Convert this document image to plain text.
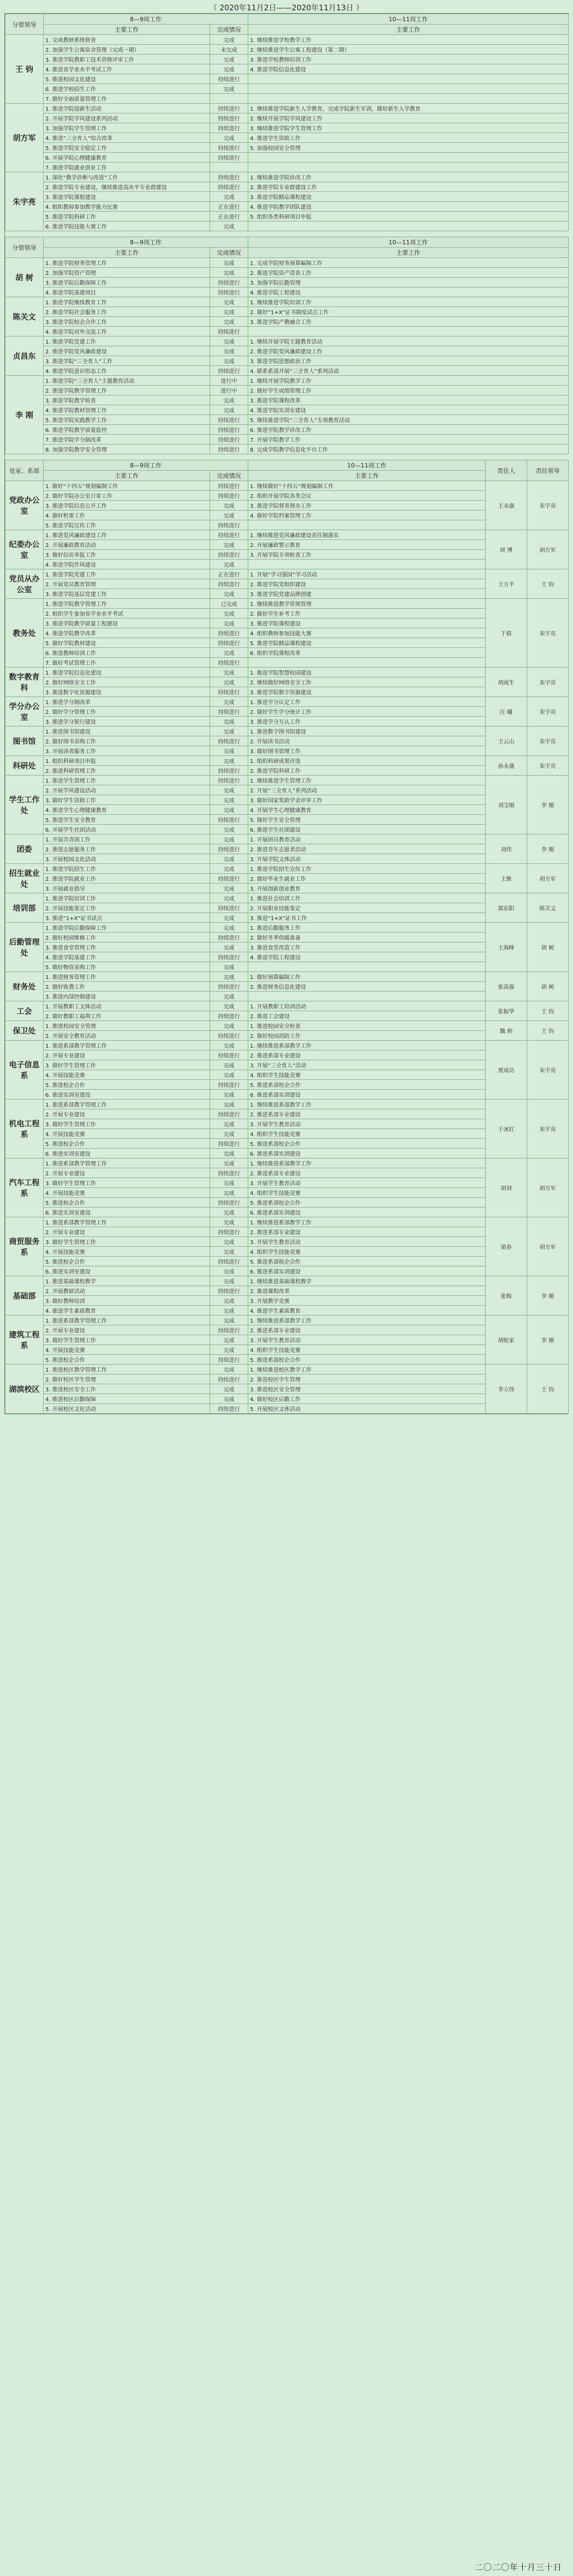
（ 2020年11月2日——2020年11月13日 ）
分管领导	8—9周工作		10—11周工作		
	主要工作	完成情况	主要工作		
王 钧	1. 完成教研系统督查	完成	1. 继续推进学校教学工作		
	2. 加强学生公寓宿舍管理（完成一期）	未完成	2. 继续推进学生公寓工程建设（第二期）		
	3. 推进学院教职工技术资格评审工作	完成	3. 推进学校教师培训工作		
	4. 推进省学业水平考试工作	完成	4. 推进学院信息化建设		
	5. 推进校园文化建设	持续进行			
	6. 推进学校招生工作	完成			
	7. 做好全面质量管理工作				
胡方军	1. 推进学院迎新生活动	持续进行	1. 继续推进学院新生入学教育，完成学院新生军训，做好新生入学教育		
	2. 开展学院学风建设系列活动	持续进行	2. 继续开展学院学风建设工作		
	3. 加强学院学生管理工作	持续进行	3. 继续推进学院学生管理工作		
	4. 推进“三全育人”综合改革	完成	4. 推进学生资助工作		
	5. 推进学院安全稳定工作	持续进行	5. 加强校园安全管理		
	6. 开展学院心理健康教育	持续进行			
	7. 推进学院就业创业工作				
朱宇亮	1. 深化“教学诊断与改进”工作	持续进行	1. 继续推进学院诊改工作		
	2. 推进学院专业建设，继续推进高水平专业群建设	持续进行	2. 推进学院专业群建设工作		
	3. 推进学院课程建设	完成	3. 推进学院精品课程建设		
	4. 组织教师参加教学能力比赛	正在进行	4. 推进学院教学团队建设		
	5. 推进学院科研工作	正在进行	5. 组织各类科研项目申报		
	6. 推进学院技能大赛工作	完成			

分管领导	8—9周工作		10—11周工作		
	主要工作	完成情况	主要工作		
胡 树	1. 推进学院财务管理工作	完成	1. 完成学院财务预算编制工作		
	2. 加强学院资产管理	完成	2. 推进学院资产清查工作		
	3. 推进学院后勤保障工作	持续进行	3. 加强学院后勤管理		
	4. 推进学院基建项目	持续进行	4. 推进学院工程建设		
陈关文	1. 推进学院继续教育工作	完成	1. 继续推进学院培训工作		
	2. 推进学院社会服务工作	完成	2. 做好“1+X”证书制度试点工作		
	3. 推进学院校企合作工作	完成	3. 推进学院产教融合工作		
	4. 推进学院对外交流工作	持续进行			
贞昌东	1. 推进学院党建工作	完成	1. 继续开展学院主题教育活动		
	2. 推进学院党风廉政建设	完成	2. 推进学院党风廉政建设工作		
	3. 推进学院“三全育人”工作	完成	3. 推进学院思想政治工作		
	4. 推进学院意识形态工作	持续进行	4. 联系系部开展“三全育人”系列活动		
李 刚	1. 推进学院“三全育人”主题教育活动	进行中	1. 继续开展学院教学工作		
	2. 推进学院教学管理工作	进行中	2. 做好学生成绩管理工作		
	3. 推进学院教学检查	完成	3. 推进学院课程改革		
	4. 推进学院教材管理工作	完成	4. 推进学院实训室建设		
	5. 推进学院实践教学工作	持续进行	5. 继续推进学院“三全育人”专项教育活动		
	6. 推进学院教学质量监控	持续进行	6. 推进学院教学诊改工作		
	7. 推进学院学分制改革	持续进行	7. 开展学院教学工作		
	8. 加强学院教学安全管理	持续进行	8. 完成学院教学信息化平台工作		

处室、系部	8—9周工作		10—11周工作	责任人	责任领导
	主要工作	完成情况	主要工作		
党政办公室	1. 做好“十四五”规划编制工作	持续进行	1. 继续做好“十四五”规划编制工作	王永康	朱宇亮
	2. 做好学院办公室日常工作	持续进行	2. 组织开展学院各类会议		
	3. 推进学院信息公开工作	完成	3. 推进学院督查督办工作		
	4. 做好机要工作	完成	4. 做好学院档案管理工作		
	5. 推进学院宣传工作	持续进行			
纪委办公室	1. 推进党风廉政建设工作	持续进行	1. 继续推进党风廉政建设责任制落实	周 博	胡方军
	2. 开展廉政教育活动	完成	2. 开展廉政警示教育		
	3. 做好信访举报工作	持续进行	3. 开展学院专项检查工作		
	4. 推进学院作风建设	完成			
党员从办公室	1. 推进学院党建工作	正在进行	1. 开展“学习强国”学习活动	王方平	王 钧
	2. 开展党员教育管理	持续进行	2. 推进学院党组织建设		
	3. 推进学院基层党建工作	完成	3. 推进学院党建品牌创建		
教务处	1. 推进学院教学管理工作	已完成	1. 继续推进教学常规管理	于倩	朱宇亮
	2. 组织学生参加省学业水平考试	完成	2. 做好学生补考工作		
	3. 推进学院教学质量工程建设	完成	3. 推进学院课程建设		
	4. 推进学院教学改革	持续进行	4. 组织教师参加技能大赛		
	5. 做好学院教材建设	持续进行	5. 推进学院精品课程建设		
	6. 推进教师培训工作	完成	6. 组织学院课程改革		
	7. 做好考试管理工作	持续进行			
数字教育科	1. 推进学院信息化建设	完成	1. 推进学院智慧校园建设	胡成生	朱宇亮
	2. 做好网络安全工作	完成	2. 继续做好网络安全工作		
	3. 推进数字化资源建设	持续进行	3. 推进学院数字资源建设		
学分办公室	1. 推进学分制改革	完成	1. 推进学分认定工作	汪 曦	朱宇亮
	2. 做好学分管理工作	持续进行	2. 做好学生学分统计工作		
	3. 推进学分银行建设	完成	3. 推进学分互认工作		
图书馆	1. 推进图书馆建设	完成	1. 推进数字图书馆建设	王云山	朱宇亮
	2. 做好图书采购工作	持续进行	2. 开展读书活动		
	3. 开展读者服务工作	完成	3. 做好图书管理工作		
科研处	1. 组织科研项目申报	完成	1. 组织科研成果评选	孙永盛	朱宇亮
	2. 推进科研管理工作	持续进行	2. 推进学院科研工作		
学生工作处	1. 推进学生管理工作	持续进行	1. 继续推进学生管理工作	刘宝刚	李 刚
	2. 开展学风建设活动	完成	2. 开展“三全育人”系列活动		
	3. 做好学生资助工作	完成	3. 做好国家奖助学金评审工作		
	4. 推进学生心理健康教育	完成	4. 开展学生心理健康教育		
	5. 推进学生安全教育	持续进行	5. 做好学生安全管理		
	6. 开展学生社团活动	完成	6. 推进学生社团建设		
团委	1. 开展共青团工作	完成	1. 开展团员教育活动	刘伟	李 刚
	2. 推进志愿服务工作	持续进行	2. 推进青年志愿者活动		
	3. 开展校园文化活动	完成	3. 开展学院文体活动		
招生就业处	1. 推进学院招生工作	完成	1. 推进学院招生宣传工作	王维	胡方军
	2. 推进学院就业工作	持续进行	2. 做好毕业生就业工作		
	3. 开展就业指导	完成	3. 开展创新创业教育		
培训部	1. 推进学院培训工作	完成	1. 推进社会培训工作	郭东阳	陈关文
	2. 开展技能鉴定工作	持续进行	2. 开展职业技能鉴定		
	3. 推进“1+X”证书试点	完成	3. 推进“1+X”证书工作		
后勤管理处	1. 推进学院后勤保障工作	完成	1. 推进后勤服务工作	王海峰	胡 树
	2. 做好校园维修工作	持续进行	2. 做好冬季供暖准备		
	3. 推进食堂管理工作	完成	3. 推进食堂改造工作		
	4. 推进学院基建工作	持续进行	4. 推进学院工程建设		
	5. 做好物资采购工作	完成			
财务处	1. 推进财务管理工作	完成	1. 做好预算编制工作	张高强	胡 树
	2. 做好收费工作	持续进行	2. 推进财务信息化建设		
	3. 推进内部控制建设	完成			
工会	1. 开展教职工文体活动	完成	1. 开展教职工培训活动	张振华	王 钧
	2. 做好教职工福利工作	持续进行	2. 推进工会建设		
保卫处	1. 推进校园安全管理	完成	1. 推进校园安全检查	魏 帅	王 钧
	2. 开展安全教育活动	持续进行	2. 做好校园消防工作		
电子信息系	1. 推进系部教学管理工作	完成	1. 继续推进系部教学工作	贾成功	朱宇亮
	2. 开展专业建设	持续进行	2. 推进系部专业建设		
	3. 做好学生管理工作	完成	3. 开展“三全育人”活动		
	4. 开展技能竞赛	完成	4. 组织学生技能竞赛		
	5. 推进校企合作	持续进行	5. 推进系部校企合作		
	6. 推进实训室建设	完成	6. 推进系部实训建设		
机电工程系	1. 推进系部教学管理工作	完成	1. 继续推进系部教学工作	于冰红	朱宇亮
	2. 开展专业建设	持续进行	2. 推进系部专业建设		
	3. 做好学生管理工作	完成	3. 开展学生教育活动		
	4. 开展技能竞赛	完成	4. 组织学生技能竞赛		
	5. 推进校企合作	持续进行	5. 推进系部校企合作		
	6. 推进实训室建设	完成	6. 推进系部实训建设		
汽车工程系	1. 推进系部教学管理工作	完成	1. 继续推进系部教学工作	胡刘	胡方军
	2. 开展专业建设	持续进行	2. 推进系部专业建设		
	3. 做好学生管理工作	完成	3. 开展学生教育活动		
	4. 开展技能竞赛	完成	4. 组织学生技能竞赛		
	5. 推进校企合作	持续进行	5. 推进系部校企合作		
	6. 推进实训室建设	完成	6. 推进系部实训建设		
商贸服务系	1. 推进系部教学管理工作	完成	1. 继续推进系部教学工作	梁春	胡方军
	2. 开展专业建设	持续进行	2. 推进系部专业建设		
	3. 做好学生管理工作	完成	3. 开展学生教育活动		
	4. 开展技能竞赛	完成	4. 组织学生技能竞赛		
	5. 推进校企合作	持续进行	5. 推进系部校企合作		
	6. 推进实训室建设	完成	6. 推进系部实训建设		
基础部	1. 推进基础课程教学	完成	1. 继续推进基础课程教学	张梅	李 刚
	2. 开展教研活动	持续进行	2. 推进课程改革		
	3. 做好教师培训	完成	3. 开展教学竞赛		
	4. 推进学生素质教育	完成	4. 推进学生素质教育		
建筑工程系	1. 推进系部教学管理工作	完成	1. 继续推进系部教学工作	胡轮家	李 刚
	2. 开展专业建设	持续进行	2. 推进系部专业建设		
	3. 做好学生管理工作	完成	3. 开展学生教育活动		
	4. 开展技能竞赛	完成	4. 组织学生技能竞赛		
	5. 推进校企合作	持续进行	5. 推进系部校企合作		
湖滨校区	1. 推进校区教学管理工作	完成	1. 继续推进校区教学工作	李立伟	王 钧
	2. 做好校区学生管理	持续进行	2. 推进校区学生管理		
	3. 推进校区安全工作	完成	3. 推进校区安全管理		
	4. 推进校区后勤保障	完成	4. 做好校区后勤工作		
	5. 开展校区文化活动	持续进行	5. 开展校区文体活动		
二〇二〇年十月三十日
